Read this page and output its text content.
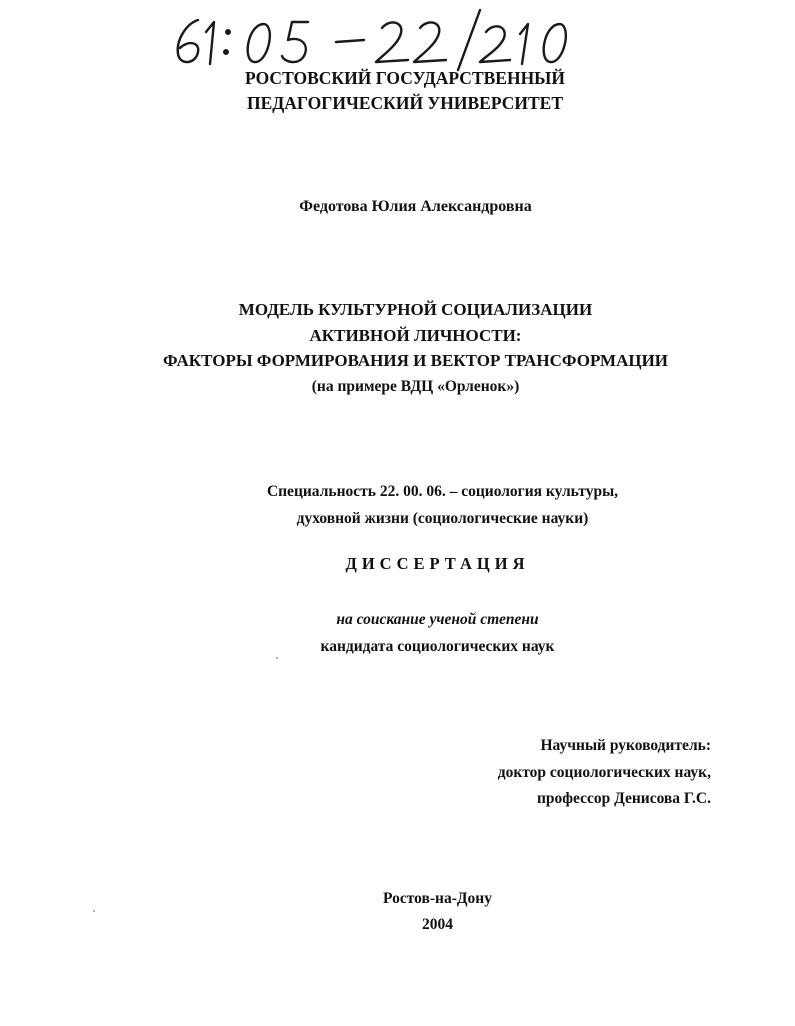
РОСТОВСКИЙ ГОСУДАРСТВЕННЫЙ
ПЕДАГОГИЧЕСКИЙ УНИВЕРСИТЕТ
Федотова Юлия Александровна
МОДЕЛЬ КУЛЬТУРНОЙ СОЦИАЛИЗАЦИИ
АКТИВНОЙ ЛИЧНОСТИ:
ФАКТОРЫ ФОРМИРОВАНИЯ И ВЕКТОР ТРАНСФОРМАЦИИ
(на примере ВДЦ «Орленок»)
Специальность 22. 00. 06. – социология культуры,
духовной жизни (социологические науки)
ДИССЕРТАЦИЯ
на соискание ученой степени
кандидата социологических наук
Научный руководитель:
доктор социологических наук,
профессор Денисова Г.С.
Ростов-на-Дону
2004
